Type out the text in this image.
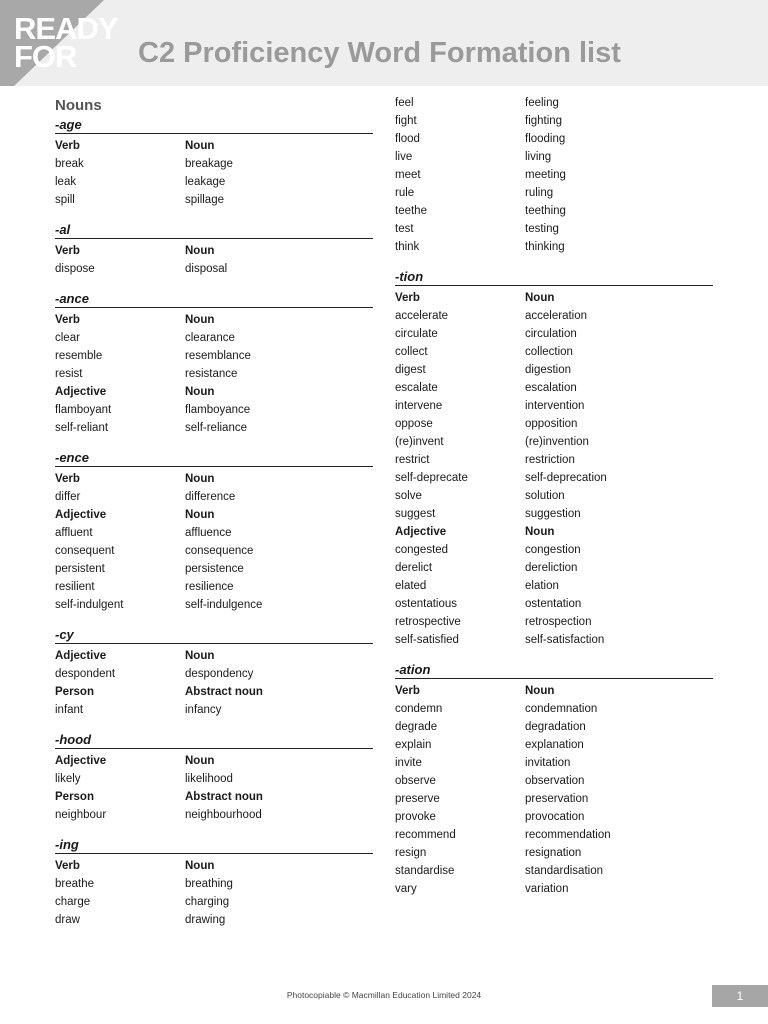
READY
FOR C2 Proficiency Word Formation list
Nouns
-age
Verb	Noun
break	breakage
leak	leakage
spill	spillage
-al
Verb	Noun
dispose	disposal
-ance
Verb	Noun
clear	clearance
resemble	resemblance
resist	resistance
Adjective	Noun
flamboyant	flamboyance
self-reliant	self-reliance
-ence
Verb	Noun
differ	difference
Adjective	Noun
affluent	affluence
consequent	consequence
persistent	persistence
resilient	resilience
self-indulgent	self-indulgence
-cy
Adjective	Noun
despondent	despondency
Person	Abstract noun
infant	infancy
-hood
Adjective	Noun
likely	likelihood
Person	Abstract noun
neighbour	neighbourhood
-ing
Verb	Noun
breathe	breathing
charge	charging
draw	drawing
feel	feeling
fight	fighting
flood	flooding
live	living
meet	meeting
rule	ruling
teethe	teething
test	testing
think	thinking
-tion
Verb	Noun
accelerate	acceleration
circulate	circulation
collect	collection
digest	digestion
escalate	escalation
intervene	intervention
oppose	opposition
(re)invent	(re)invention
restrict	restriction
self-deprecate	self-deprecation
solve	solution
suggest	suggestion
Adjective	Noun
congested	congestion
derelict	dereliction
elated	elation
ostentatious	ostentation
retrospective	retrospection
self-satisfied	self-satisfaction
-ation
Verb	Noun
condemn	condemnation
degrade	degradation
explain	explanation
invite	invitation
observe	observation
preserve	preservation
provoke	provocation
recommend	recommendation
resign	resignation
standardise	standardisation
vary	variation
Photocopiable © Macmillan Education Limited 2024	1
